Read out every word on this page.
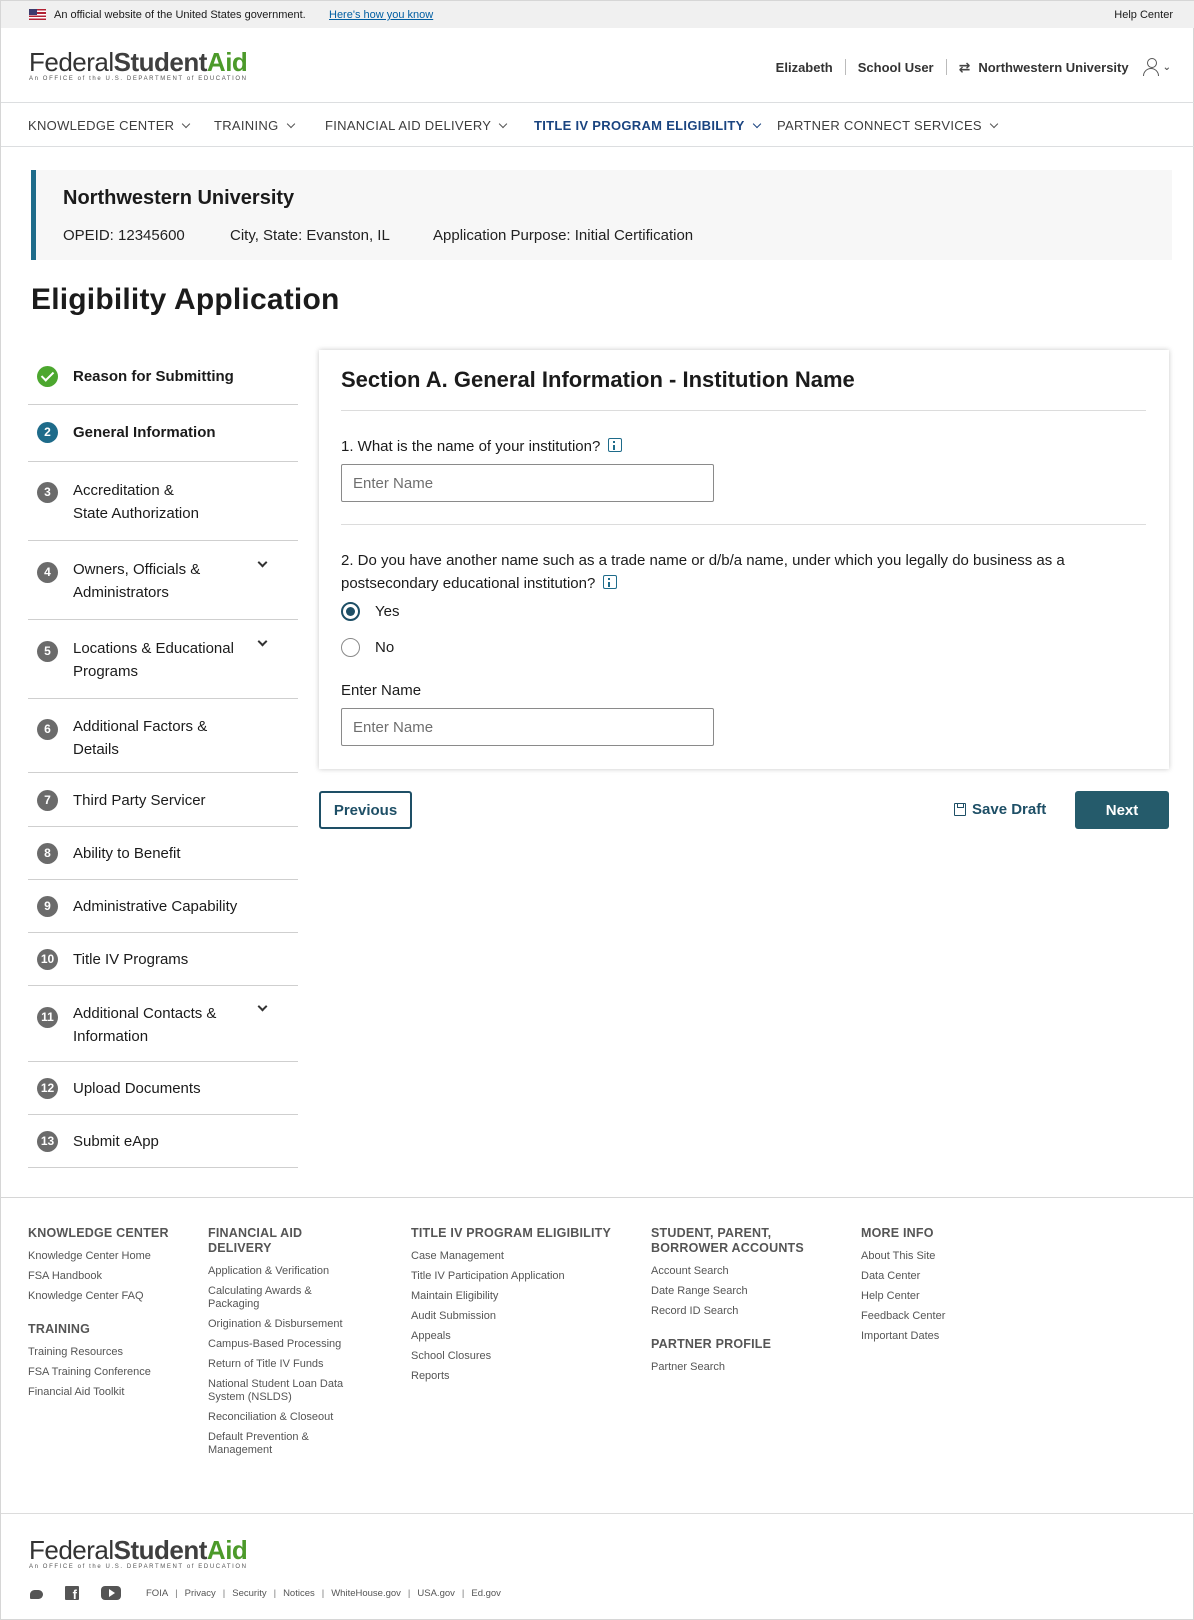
An official website of the United States government. Here's how you know	Help Center
FederalStudentAid
An OFFICE of the U.S. DEPARTMENT of EDUCATION
Elizabeth School User ⇄ Northwestern University	⌄
KNOWLEDGE CENTER	TRAINING	FINANCIAL AID DELIVERY	TITLE IV PROGRAM ELIGIBILITY	PARTNER CONNECT SERVICES
Northwestern University
OPEID: 12345600	City, State: Evanston, IL	Application Purpose: Initial Certification
Eligibility Application
Reason for Submitting
2	General Information
3	Accreditation &
State Authorization
4	Owners, Officials &
Administrators
5	Locations & Educational
Programs
6	Additional Factors &
Details
7	Third Party Servicer
8	Ability to Benefit
9	Administrative Capability
10 Title IV Programs
11 Additional Contacts &
Information
12 Upload Documents
13 Submit eApp
Section A. General Information - Institution Name
1. What is the name of your institution?
Enter Name
2. Do you have another name such as a trade name or d/b/a name, under which you legally do business as a
postsecondary educational institution?
Yes
No
Enter Name
Enter Name
Previous	Save Draft	Next
KNOWLEDGE CENTER
Knowledge Center Home
FSA Handbook
Knowledge Center FAQ
TRAINING
Training Resources
FSA Training Conference
Financial Aid Toolkit
FINANCIAL AID DELIVERY
Application & Verification
Calculating Awards & Packaging
Origination & Disbursement
Campus-Based Processing
Return of Title IV Funds
National Student Loan Data System (NSLDS)
Reconciliation & Closeout
Default Prevention & Management
TITLE IV PROGRAM ELIGIBILITY
Case Management
Title IV Participation Application
Maintain Eligibility
Audit Submission
Appeals
School Closures
Reports
STUDENT, PARENT, BORROWER ACCOUNTS
Account Search
Date Range Search
Record ID Search
PARTNER PROFILE
Partner Search
MORE INFO
About This Site
Data Center
Help Center
Feedback Center
Important Dates
FederalStudentAid
An OFFICE of the U.S. DEPARTMENT of EDUCATION
f
FOIA | Privacy | Security | Notices | WhiteHouse.gov | USA.gov | Ed.gov
